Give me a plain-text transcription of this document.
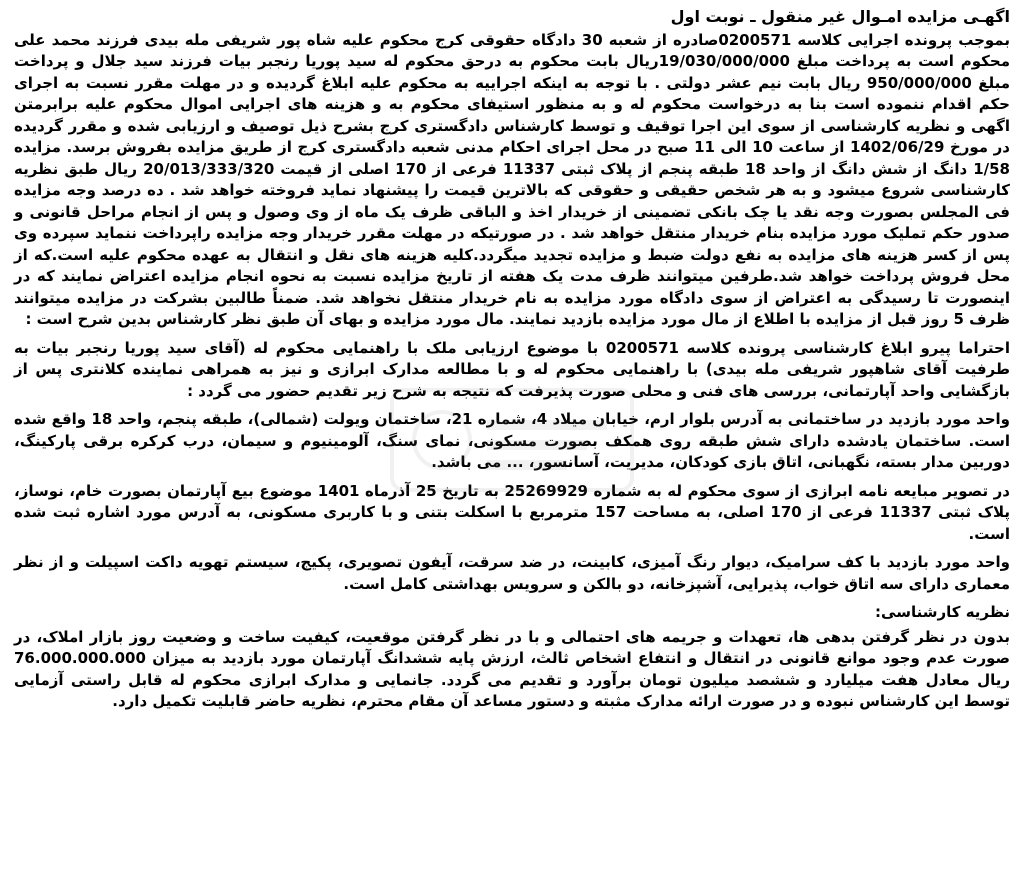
اگهـی مزایده امـوال غیر منقول ـ نوبت اول

بموجب پرونده اجرایی کلاسه 0200571صادره از شعبه 30 دادگاه حقوقی کرج محکوم علیه شاه پور شریفی مله بیدی فرزند محمد علی محکوم است به پرداخت مبلغ 19/030/000/000ریال بابت محکوم به درحق محکوم له سید پوریا رنجبر بیات فرزند سید جلال و پرداخت مبلغ 950/000/000 ریال بابت نیم عشر دولتی . با توجه به اینکه اجراییه به محکوم علیه ابلاغ گردیده و در مهلت مقرر نسبت به اجرای حکم اقدام ننموده است بنا به درخواست محکوم له و به منظور استیفای محکوم به و هزینه های اجرایی اموال محکوم علیه برابرمتن اگهی و نظریه کارشناسی از سوی این اجرا توقیف و توسط کارشناس دادگستری کرج بشرح ذیل توصیف و ارزیابی شده و مقرر گردیده در مورخ 1402/06/29 از ساعت 10 الی 11 صبح در محل اجرای احکام مدنی شعبه دادگستری کرج از طریق مزایده بفروش برسد. مزایده 1/58 دانگ از شش دانگ از واحد 18 طبقه پنجم از پلاک ثبتی 11337 فرعی از 170 اصلی از قیمت 20/013/333/320 ریال طبق نظریه کارشناسی شروع میشود و به هر شخص حقیقی و حقوقی که بالاترین قیمت را پیشنهاد نماید فروخته خواهد شد . ده درصد وجه مزایده فی المجلس بصورت وجه نقد یا چک بانکی تضمینی از خریدار اخذ و الباقی ظرف یک ماه از وی وصول و پس از انجام مراحل قانونی و صدور حکم تملیک مورد مزایده بنام خریدار منتقل خواهد شد . در صورتیکه در مهلت مقرر خریدار وجه مزایده راپرداخت ننماید سپرده وی پس از کسر هزینه های مزایده به نفع دولت ضبط و مزایده تجدید میگردد.کلیه هزینه های نقل و انتقال به عهده محکوم علیه است.که از محل فروش پرداخت خواهد شد.طرفین میتوانند ظرف مدت یک هفته از تاریخ مزایده نسبت به نحوه انجام مزایده اعتراض نمایند که در اینصورت تا رسیدگی به اعتراض از سوی دادگاه مورد مزایده به نام خریدار منتقل نخواهد شد. ضمناً طالبین بشرکت در مزایده میتوانند ظرف 5 روز قبل از مزایده با اطلاع از مال مورد مزایده بازدید نمایند. مال مورد مزایده و بهای آن طبق نظر کارشناس بدین شرح است :

احتراما پیرو ابلاغ کارشناسی پرونده کلاسه 0200571 با موضوع ارزیابی ملک با راهنمایی محکوم له (آقای سید پوریا رنجبر بیات به طرفیت آقای شاهپور شریفی مله بیدی) با راهنمایی محکوم له و با مطالعه مدارک ابرازی و نیز به همراهی نماینده کلانتری پس از بازگشایی واحد آپارتمانی، بررسی های فنی و محلی صورت پذیرفت که نتیجه به شرح زیر تقدیم حضور می گردد :

واحد مورد بازدید در ساختمانی به آدرس بلوار ارم، خیابان میلاد 4، شماره 21، ساختمان ویولت (شمالی)، طبقه پنجم، واحد 18 واقع شده است. ساختمان یادشده دارای شش طبقه روی همکف بصورت مسکونی، نمای سنگ، آلومینیوم و سیمان، درب کرکره برقی پارکینگ، دوربین مدار بسته، نگهبانی، اتاق بازی کودکان، مدیریت، آسانسور، ... می باشد.

در تصویر مبایعه نامه ابرازی از سوی محکوم له به شماره 25269929 به تاریخ 25 آذرماه 1401 موضوع بیع آپارتمان بصورت خام، نوساز، پلاک ثبتی 11337 فرعی از 170 اصلی، به مساحت 157 مترمربع با اسکلت بتنی و با کاربری مسکونی، به آدرس مورد اشاره ثبت شده است.

واحد مورد بازدید با کف سرامیک، دیوار رنگ آمیزی، کابینت، در ضد سرقت، آیفون تصویری، پکیج، سیستم تهویه داکت اسپیلت و از نظر معماری دارای سه اتاق خواب، پذیرایی، آشپزخانه، دو بالکن و سرویس بهداشتی کامل است.

نظریه کارشناسی:

بدون در نظر گرفتن بدهی ها، تعهدات و جریمه های احتمالی و با در نظر گرفتن موقعیت، کیفیت ساخت و وضعیت روز بازار املاک، در صورت عدم وجود موانع قانونی در انتقال و انتفاع اشخاص ثالث، ارزش پایه ششدانگ آپارتمان مورد بازدید به میزان 76.000.000.000 ریال معادل هفت میلیارد و ششصد میلیون تومان برآورد و تقدیم می گردد. جانمایی و مدارک ابرازی محکوم له قابل راستی آزمایی توسط این کارشناس نبوده و در صورت ارائه مدارک مثبته و دستور مساعد آن مقام محترم، نظریه حاضر قابلیت تکمیل دارد.
